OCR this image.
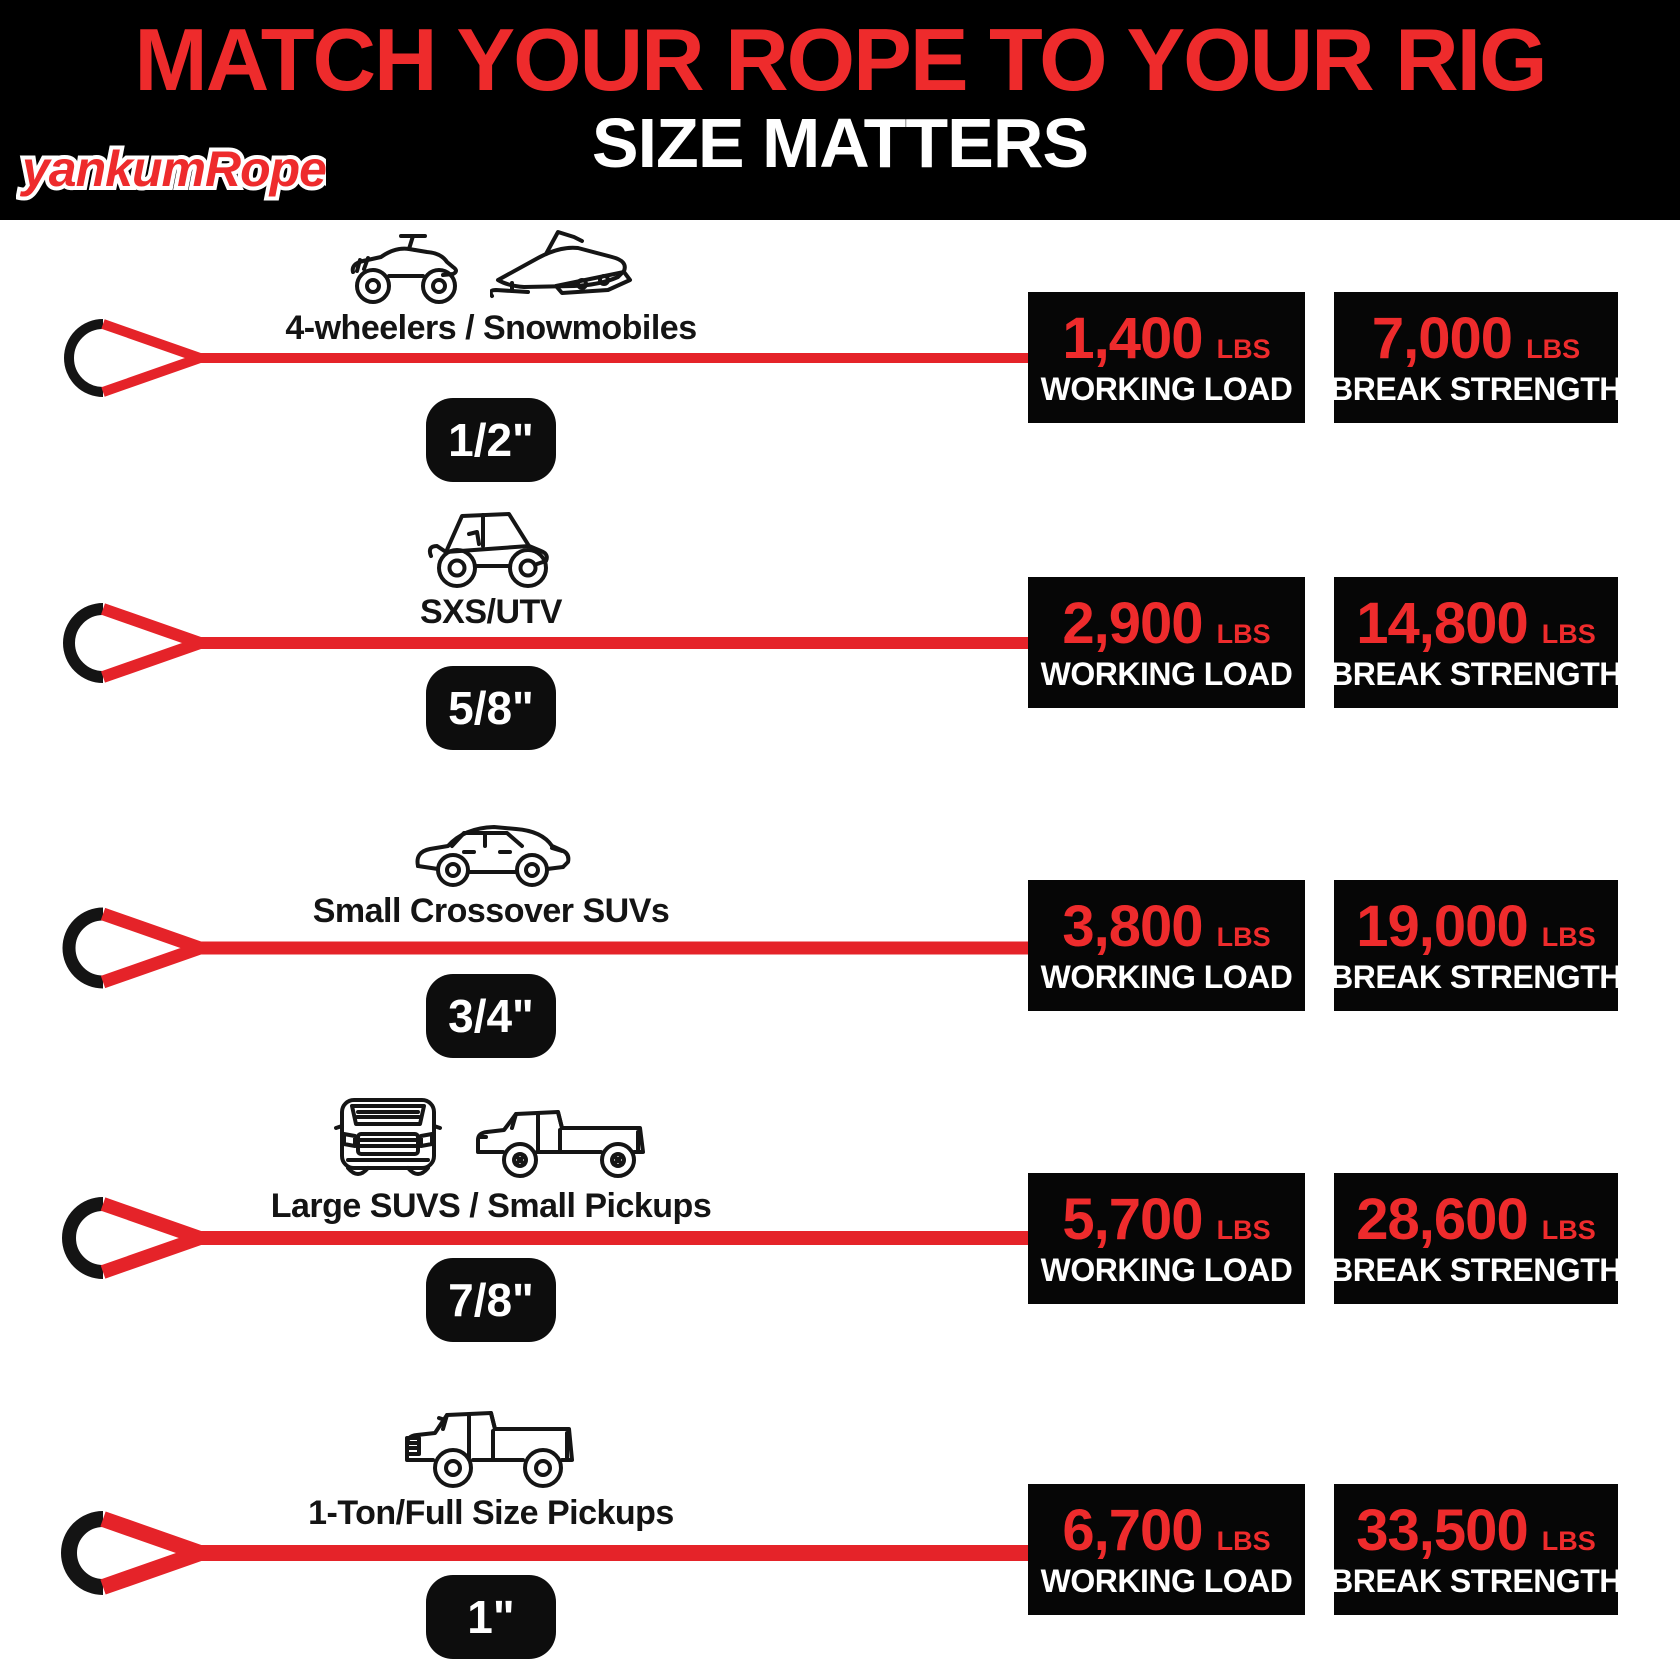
MATCH YOUR ROPE TO YOUR RIG
SIZE MATTERS
yankumRopes
4-wheelers / Snowmobiles
1/2"
1,400 LBS
WORKING LOAD
7,000 LBS
BREAK STRENGTH
SXS/UTV
5/8"
2,900 LBS
WORKING LOAD
14,800 LBS
BREAK STRENGTH
Small Crossover SUVs
3/4"
3,800 LBS
WORKING LOAD
19,000 LBS
BREAK STRENGTH
Large SUVS / Small Pickups
7/8"
5,700 LBS
WORKING LOAD
28,600 LBS
BREAK STRENGTH
1-Ton/Full Size Pickups
1"
6,700 LBS
WORKING LOAD
33,500 LBS
BREAK STRENGTH
